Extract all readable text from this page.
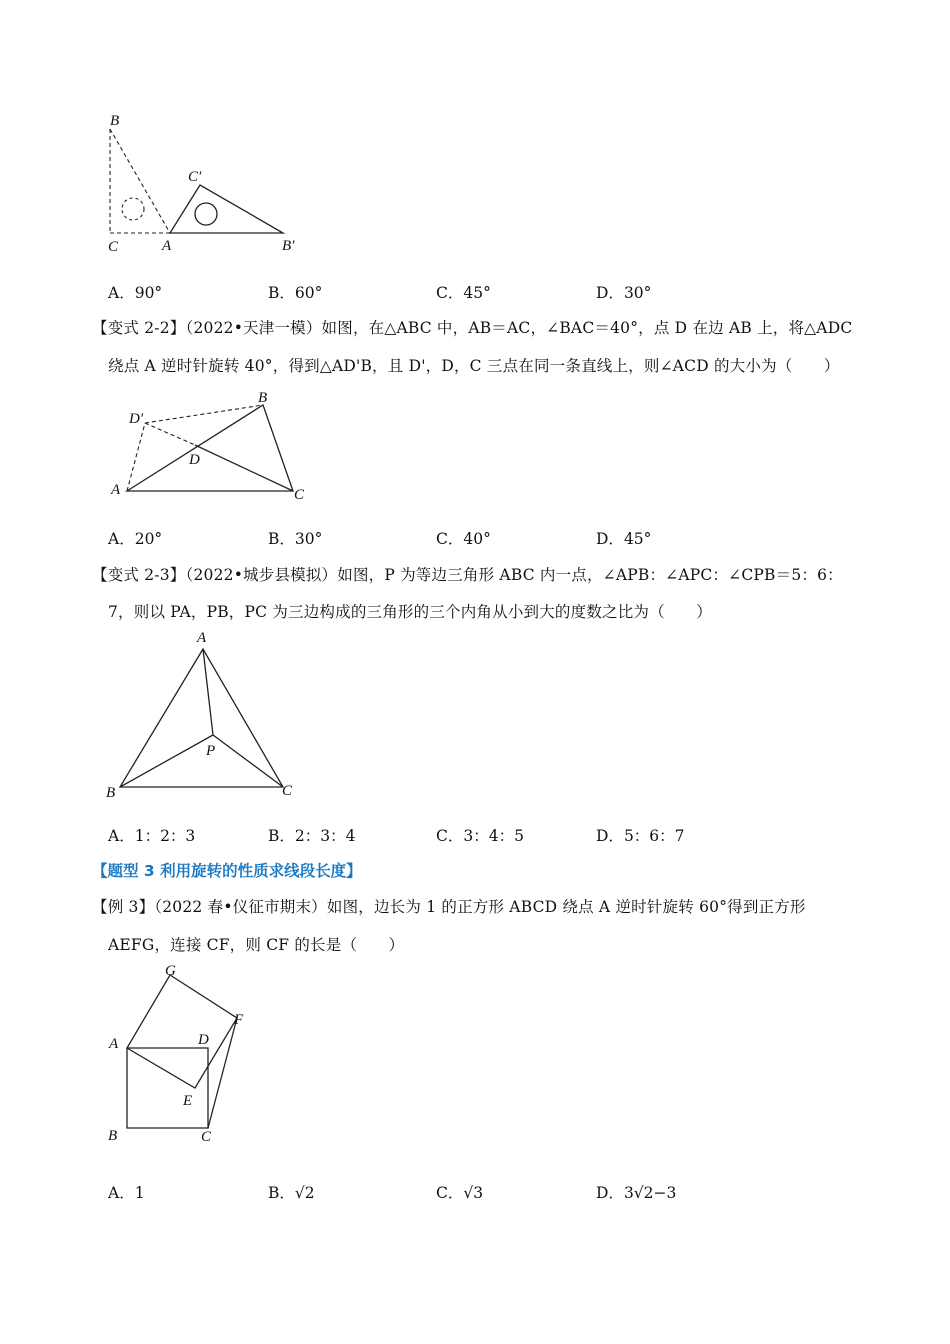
B
C′
C	A	B′
A．90°	B．60°	C．45°	D．30°
【变式 2-2】（2022•天津一模）如图，在△ABC 中，AB＝AC，∠BAC＝40°，点 D 在边 AB 上，将△ADC
绕点 A 逆时针旋转 40°，得到△AD'B，且 D'，D，C 三点在同一条直线上，则∠ACD 的大小为（　　）
D′
B
D
A	C
A．20°	B．30°	C．40°	D．45°
【变式 2-3】（2022•城步县模拟）如图，P 为等边三角形 ABC 内一点，∠APB：∠APC：∠CPB＝5：6：
7，则以 PA，PB，PC 为三边构成的三角形的三个内角从小到大的度数之比为（　　）
A
P
B	C
A．1：2：3	B．2：3：4	C．3：4：5	D．5：6：7
【题型 3 利用旋转的性质求线段长度】
【例 3】（2022 春•仪征市期末）如图，边长为 1 的正方形 ABCD 绕点 A 逆时针旋转 60°得到正方形
AEFG，连接 CF，则 CF 的长是（　　）
G
F
A	D
E
B	C
A．1	B．√2	C．√3	D．3√2−3
